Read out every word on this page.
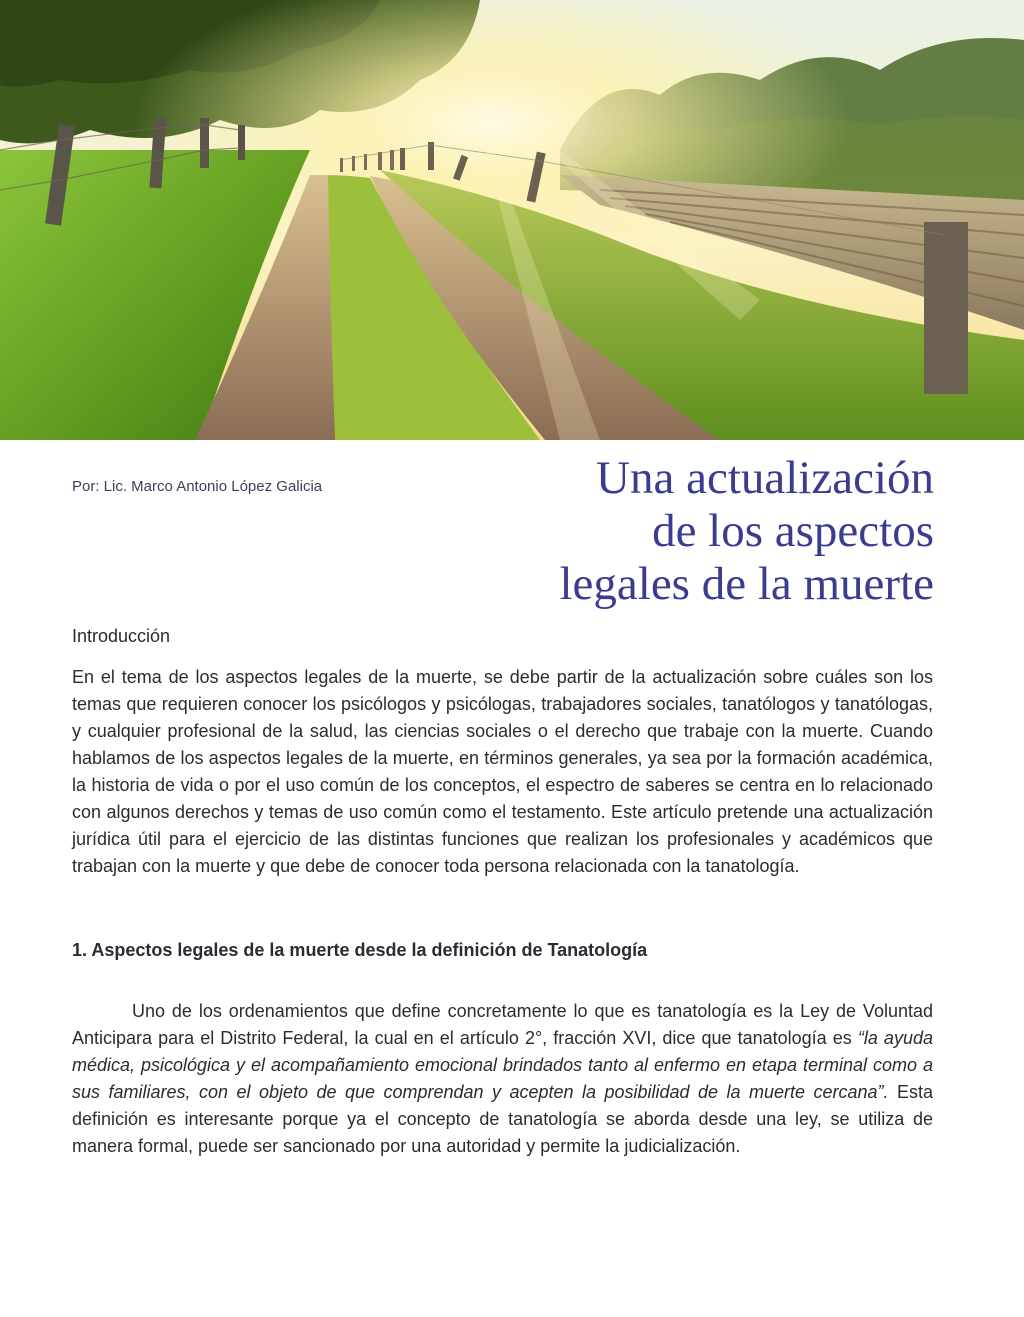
Por: Lic. Marco Antonio López Galicia	Una actualización
de los aspectos
legales de la muerte
Introducción

En el tema de los aspectos legales de la muerte, se debe partir de la actualización sobre cuáles son los temas que requieren conocer los psicólogos y psicólogas, trabajadores sociales, tanatólogos y tanatólogas, y cualquier profesional de la salud, las ciencias sociales o el derecho que trabaje con la muerte. Cuando hablamos de los aspectos legales de la muerte, en términos generales, ya sea por la formación académica, la historia de vida o por el uso común de los conceptos, el espectro de saberes se centra en lo relacionado con algunos derechos y temas de uso común como el testamento. Este artículo pretende una actualización jurídica útil para el ejercicio de las distintas funciones que realizan los profesionales y académicos que trabajan con la muerte y que debe de conocer toda persona relacionada con la tanatología.

1. Aspectos legales de la muerte desde la definición de Tanatología

Uno de los ordenamientos que define concretamente lo que es tanatología es la Ley de Voluntad Anticipara para el Distrito Federal, la cual en el artículo 2°, fracción XVI, dice que tanatología es “la ayuda médica, psicológica y el acompañamiento emocional brindados tanto al enfermo en etapa terminal como a sus familiares, con el objeto de que comprendan y acepten la posibilidad de la muerte cercana”. Esta definición es interesante porque ya el concepto de tanatología se aborda desde una ley, se utiliza de manera formal, puede ser sancionado por una autoridad y permite la judicialización.
